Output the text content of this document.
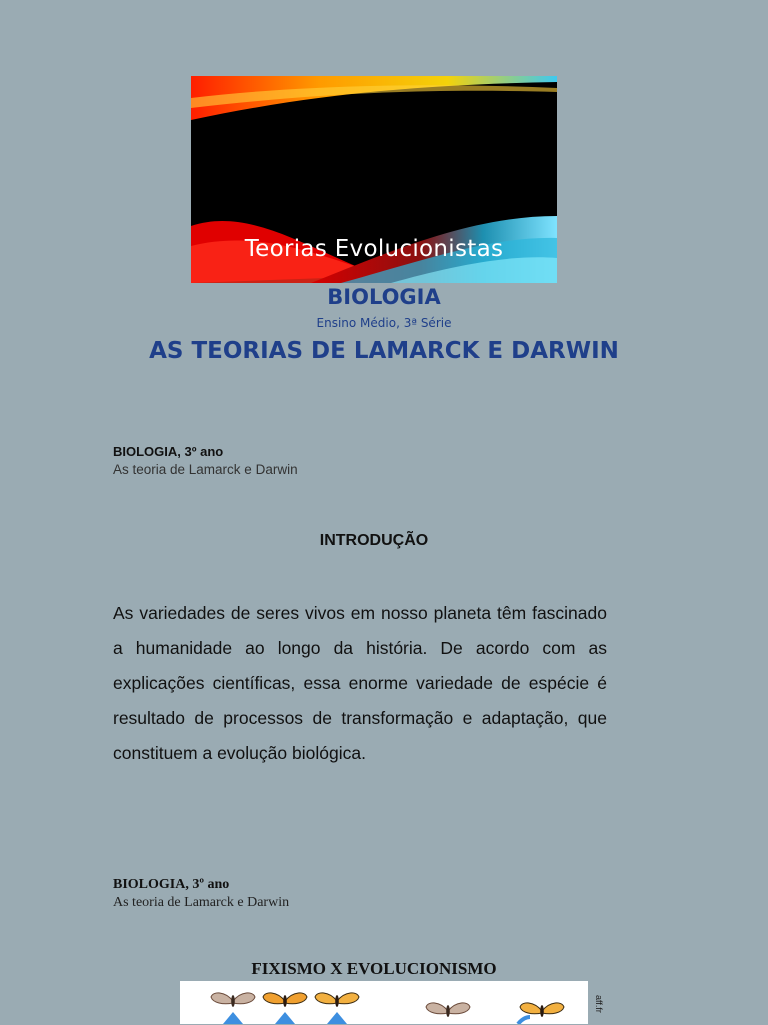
Teorias Evolucionistas
BIOLOGIA
Ensino Médio, 3ª Série
AS TEORIAS DE LAMARCK E DARWIN
BIOLOGIA, 3º ano
As teoria de Lamarck e Darwin
INTRODUÇÃO
As variedades de seres vivos em nosso planeta têm fascinado a humanidade ao longo da história. De acordo com as explicações científicas, essa enorme variedade de espécie é resultado de processos de transformação e adaptação, que constituem a evolução biológica.
BIOLOGIA, 3º ano
As teoria de Lamarck e Darwin
FIXISMO X EVOLUCIONISMO
aff.fr
